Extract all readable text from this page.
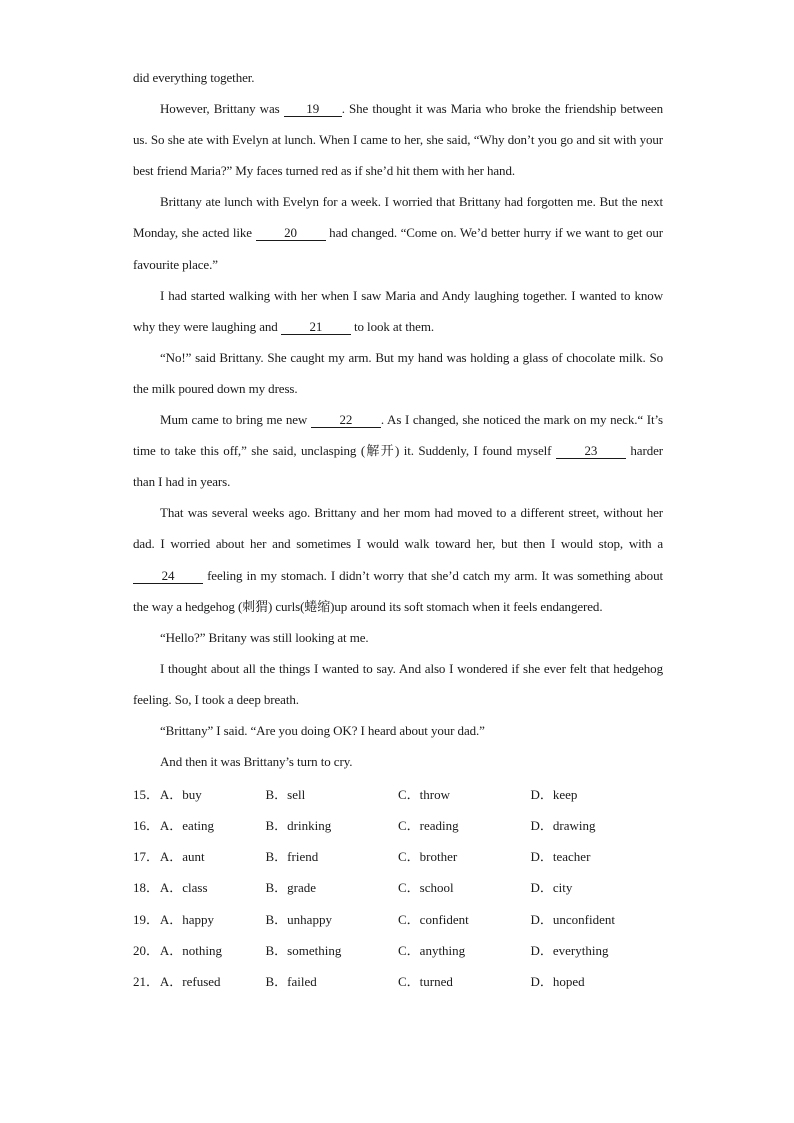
did everything together.

However, Brittany was 19 . She thought it was Maria who broke the friendship between us. So she ate with Evelyn at lunch. When I came to her, she said, “Why don’t you go and sit with your best friend Maria?” My faces turned red as if she’d hit them with her hand.

Brittany ate lunch with Evelyn for a week. I worried that Brittany had forgotten me. But the next Monday, she acted like 20 had changed. “Come on. We’d better hurry if we want to get our favourite place.”

I had started walking with her when I saw Maria and Andy laughing together. I wanted to know why they were laughing and 21 to look at them.

“No!” said Brittany. She caught my arm. But my hand was holding a glass of chocolate milk. So the milk poured down my dress.

Mum came to bring me new 22 . As I changed, she noticed the mark on my neck.“ It’s time to take this off,” she said, unclasping (解开) it. Suddenly, I found myself 23 harder than I had in years.

That was several weeks ago. Brittany and her mom had moved to a different street, without her dad. I worried about her and sometimes I would walk toward her, but then I would stop, with a 24 feeling in my stomach. I didn’t worry that she’d catch my arm. It was something about the way a hedgehog (刺猬) curls(蜷缩)up around its soft stomach when it feels endangered.

“Hello?” Britany was still looking at me.

I thought about all the things I wanted to say. And also I wondered if she ever felt that hedgehog feeling. So, I took a deep breath.

“Brittany” I said. “Are you doing OK? I heard about your dad.”

And then it was Brittany’s turn to cry.

15． A．buy	B．sell	C．throw	D．keep
16． A．eating	B．drinking	C．reading	D．drawing
17． A．aunt	B．friend	C．brother	D．teacher
18． A．class	B．grade	C．school	D．city
19． A．happy	B．unhappy	C．confident	D．unconfident
20． A．nothing	B．something	C．anything	D．everything
21． A．refused	B．failed	C．turned	D．hoped
